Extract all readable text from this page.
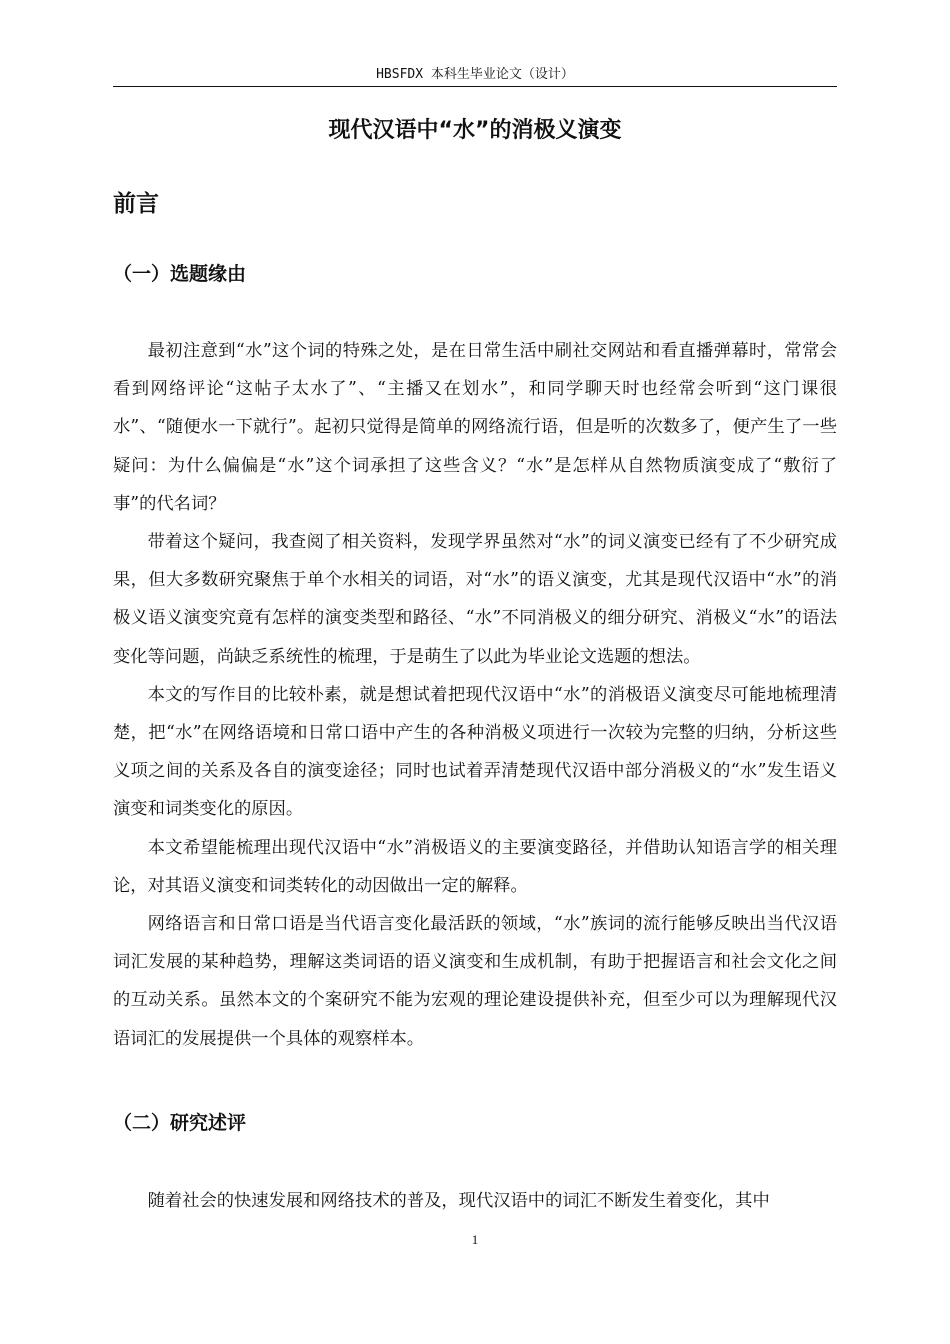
HBSFDX 本科生毕业论文（设计）
现代汉语中“水”的消极义演变
前言
（一）选题缘由

最初注意到“水”这个词的特殊之处，是在日常生活中刷社交网站和看直播弹幕时，常常会看到网络评论“这帖子太水了”、“主播又在划水”，和同学聊天时也经常会听到“这门课很水”、“随便水一下就行”。起初只觉得是简单的网络流行语，但是听的次数多了，便产生了一些疑问：为什么偏偏是“水”这个词承担了这些含义？“水”是怎样从自然物质演变成了“敷衍了事”的代名词？

带着这个疑问，我查阅了相关资料，发现学界虽然对“水”的词义演变已经有了不少研究成果，但大多数研究聚焦于单个水相关的词语，对“水”的语义演变，尤其是现代汉语中“水”的消极义语义演变究竟有怎样的演变类型和路径、“水”不同消极义的细分研究、消极义“水”的语法变化等问题，尚缺乏系统性的梳理，于是萌生了以此为毕业论文选题的想法。

本文的写作目的比较朴素，就是想试着把现代汉语中“水”的消极语义演变尽可能地梳理清楚，把“水”在网络语境和日常口语中产生的各种消极义项进行一次较为完整的归纳，分析这些义项之间的关系及各自的演变途径；同时也试着弄清楚现代汉语中部分消极义的“水”发生语义演变和词类变化的原因。

本文希望能梳理出现代汉语中“水”消极语义的主要演变路径，并借助认知语言学的相关理论，对其语义演变和词类转化的动因做出一定的解释。

网络语言和日常口语是当代语言变化最活跃的领域，“水”族词的流行能够反映出当代汉语词汇发展的某种趋势，理解这类词语的语义演变和生成机制，有助于把握语言和社会文化之间的互动关系。虽然本文的个案研究不能为宏观的理论建设提供补充，但至少可以为理解现代汉语词汇的发展提供一个具体的观察样本。

（二）研究述评

随着社会的快速发展和网络技术的普及，现代汉语中的词汇不断发生着变化，其中

1
